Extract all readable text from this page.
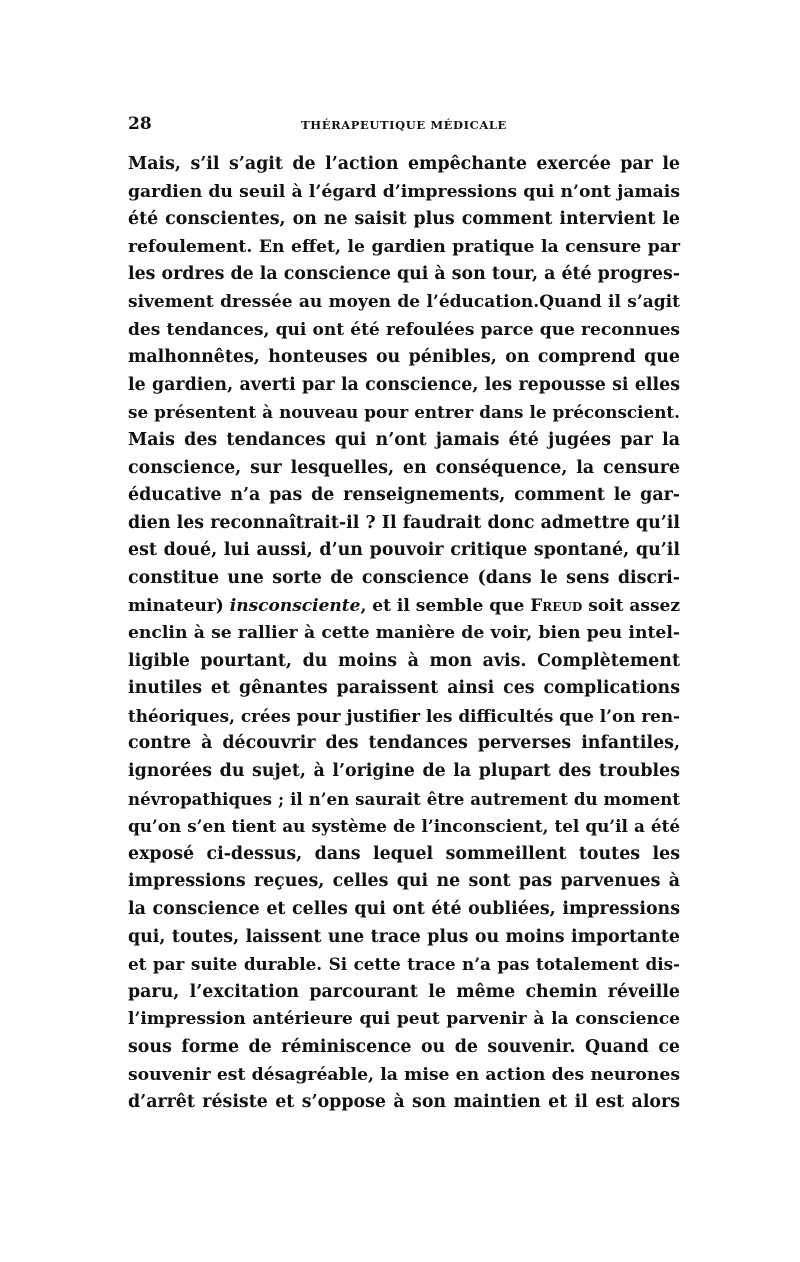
28	THÉRAPEUTIQUE MÉDICALE
Mais, s’il s’agit de l’action empêchante exercée par le
gardien du seuil à l’égard d’impressions qui n’ont jamais
été conscientes, on ne saisit plus comment intervient le
refoulement. En effet, le gardien pratique la censure par
les ordres de la conscience qui à son tour, a été progres-
sivement dressée au moyen de l’éducation.Quand il s’agit
des tendances, qui ont été refoulées parce que reconnues
malhonnêtes, honteuses ou pénibles, on comprend que
le gardien, averti par la conscience, les repousse si elles
se présentent à nouveau pour entrer dans le préconscient.
Mais des tendances qui n’ont jamais été jugées par la
conscience, sur lesquelles, en conséquence, la censure
éducative n’a pas de renseignements, comment le gar-
dien les reconnaîtrait-il ? Il faudrait donc admettre qu’il
est doué, lui aussi, d’un pouvoir critique spontané, qu’il
constitue une sorte de conscience (dans le sens discri-
minateur) insconsciente, et il semble que Freud soit assez
enclin à se rallier à cette manière de voir, bien peu intel-
ligible pourtant, du moins à mon avis. Complètement
inutiles et gênantes paraissent ainsi ces complications
théoriques, crées pour justifier les difficultés que l’on ren-
contre à découvrir des tendances perverses infantiles,
ignorées du sujet, à l’origine de la plupart des troubles
névropathiques ; il n’en saurait être autrement du moment
qu’on s’en tient au système de l’inconscient, tel qu’il a été
exposé ci-dessus, dans lequel sommeillent toutes les
impressions reçues, celles qui ne sont pas parvenues à
la conscience et celles qui ont été oubliées, impressions
qui, toutes, laissent une trace plus ou moins importante
et par suite durable. Si cette trace n’a pas totalement dis-
paru, l’excitation parcourant le même chemin réveille
l’impression antérieure qui peut parvenir à la conscience
sous forme de réminiscence ou de souvenir. Quand ce
souvenir est désagréable, la mise en action des neurones
d’arrêt résiste et s’oppose à son maintien et il est alors
